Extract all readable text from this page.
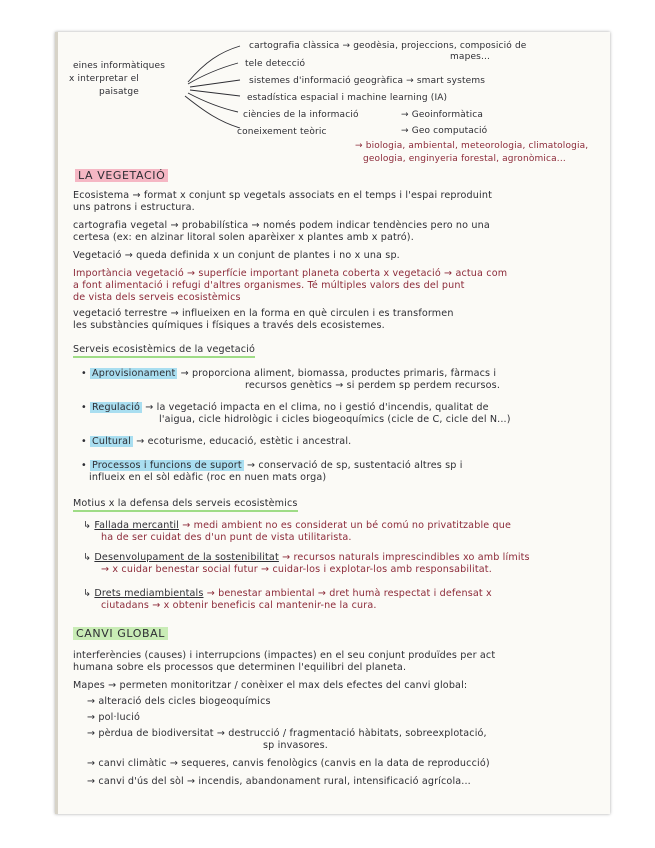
eines informàtiques
x interpretar el
paisatge
cartografia clàssica → geodèsia, projeccions, composició de
mapes...
tele detecció
sistemes d'informació geogràfica → smart systems
estadística espacial i machine learning (IA)
ciències de la informació	→ Geoinformàtica
→ Geo computació
coneixement teòric
→ biologia, ambiental, meteorologia, climatologia,
geologia, enginyeria forestal, agronòmica...
LA VEGETACIÓ
Ecosistema → format x conjunt sp vegetals associats en el temps i l'espai reproduint
uns patrons i estructura.
cartografia vegetal → probabilística → només podem indicar tendències pero no una
certesa (ex: en alzinar litoral solen aparèixer x plantes amb x patró).
Vegetació → queda definida x un conjunt de plantes i no x una sp.
Importància vegetació → superfície important planeta coberta x vegetació → actua com
a font alimentació i refugi d'altres organismes. Té múltiples valors des del punt
de vista dels serveis ecosistèmics
vegetació terrestre → influeixen en la forma en què circulen i es transformen
les substàncies químiques i físiques a través dels ecosistemes.
Serveis ecosistèmics de la vegetació
• Aprovisionament → proporciona aliment, biomassa, productes primaris, fàrmacs i
recursos genètics → si perdem sp perdem recursos.
• Regulació → la vegetació impacta en el clima, no i gestió d'incendis, qualitat de
l'aigua, cicle hidrològic i cicles biogeoquímics (cicle de C, cicle del N...)
• Cultural → ecoturisme, educació, estètic i ancestral.
• Processos i funcions de suport → conservació de sp, sustentació altres sp i
influeix en el sòl edàfic (roc en nuen mats orga)
Motius x la defensa dels serveis ecosistèmics
↳ Fallada mercantil → medi ambient no es considerat un bé comú no privatitzable que
ha de ser cuidat des d'un punt de vista utilitarista.
↳ Desenvolupament de la sostenibilitat → recursos naturals imprescindibles xo amb límits
→ x cuidar benestar social futur → cuidar-los i explotar-los amb responsabilitat.
↳ Drets mediambientals → benestar ambiental → dret humà respectat i defensat x
ciutadans → x obtenir beneficis cal mantenir-ne la cura.
CANVI GLOBAL
interferències (causes) i interrupcions (impactes) en el seu conjunt produïdes per act
humana sobre els processos que determinen l'equilibri del planeta.
Mapes → permeten monitoritzar / conèixer el max dels efectes del canvi global:
→ alteració dels cicles biogeoquímics
→ pol·lució
→ pèrdua de biodiversitat → destrucció / fragmentació hàbitats, sobreexplotació,
sp invasores.
→ canvi climàtic → sequeres, canvis fenològics (canvis en la data de reproducció)
→ canvi d'ús del sòl → incendis, abandonament rural, intensificació agrícola...
